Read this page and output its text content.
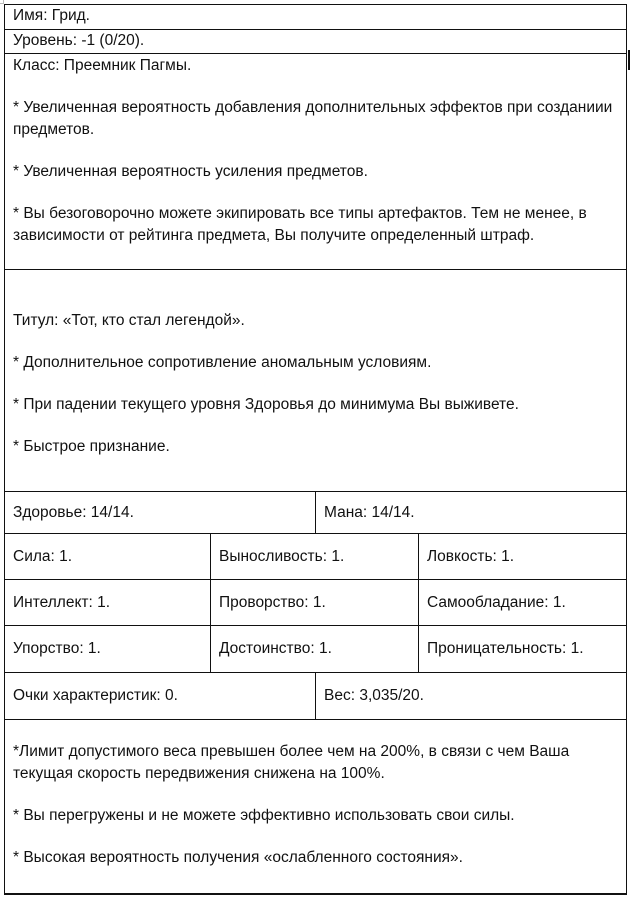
Имя: Грид.
Уровень: -1 (0/20).

Класс: Преемник Пагмы.

* Увеличенная вероятность добавления дополнительных эффектов при созданиии предметов.

* Увеличенная вероятность усиления предметов.

* Вы безоговорочно можете экипировать все типы артефактов. Тем не менее, в зависимости от рейтинга предмета, Вы получите определенный штраф.

Титул: «Тот, кто стал легендой».

* Дополнительное сопротивление аномальным условиям.

* При падении текущего уровня Здоровья до минимума Вы выживете.

* Быстрое признание.

Здоровье: 14/14.	Мана: 14/14.
Сила: 1.	Выносливость: 1.	Ловкость: 1.
Интеллект: 1.	Проворство: 1.	Самообладание: 1.
Упорство: 1.	Достоинство: 1.	Проницательность: 1.
Очки характеристик: 0.	Вес: 3,035/20.

*Лимит допустимого веса превышен более чем на 200%, в связи с чем Ваша текущая скорость передвижения снижена на 100%.

* Вы перегружены и не можете эффективно использовать свои силы.

* Высокая вероятность получения «ослабленного состояния».
